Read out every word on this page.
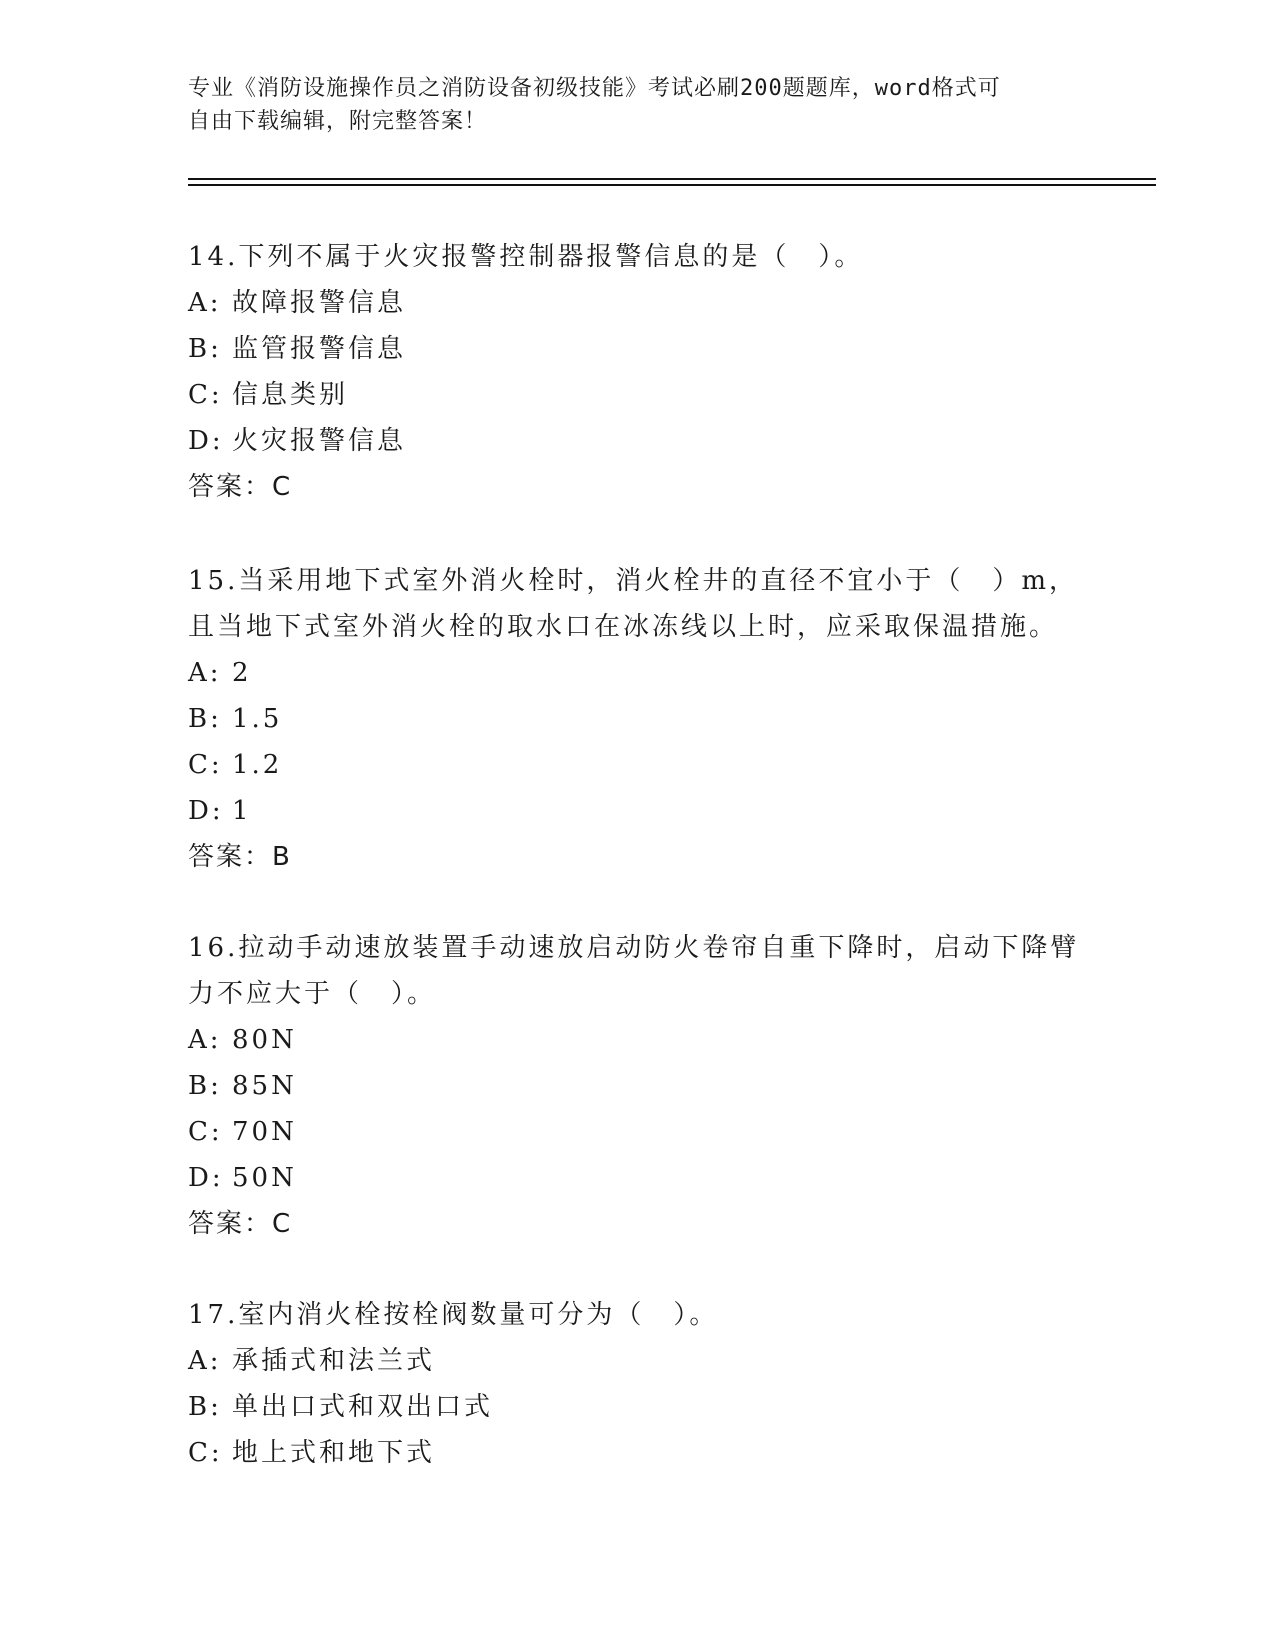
专业《消防设施操作员之消防设备初级技能》考试必刷200题题库，word格式可
自由下载编辑，附完整答案！
14.下列不属于火灾报警控制器报警信息的是（　）。
A: 故障报警信息
B: 监管报警信息
C: 信息类别
D: 火灾报警信息
答案：C
15.当采用地下式室外消火栓时，消火栓井的直径不宜小于（　）m，
且当地下式室外消火栓的取水口在冰冻线以上时，应采取保温措施。
A: 2
B: 1.5
C: 1.2
D: 1
答案：B
16.拉动手动速放装置手动速放启动防火卷帘自重下降时，启动下降臂
力不应大于（　）。
A: 80N
B: 85N
C: 70N
D: 50N
答案：C
17.室内消火栓按栓阀数量可分为（　）。
A: 承插式和法兰式
B: 单出口式和双出口式
C: 地上式和地下式
